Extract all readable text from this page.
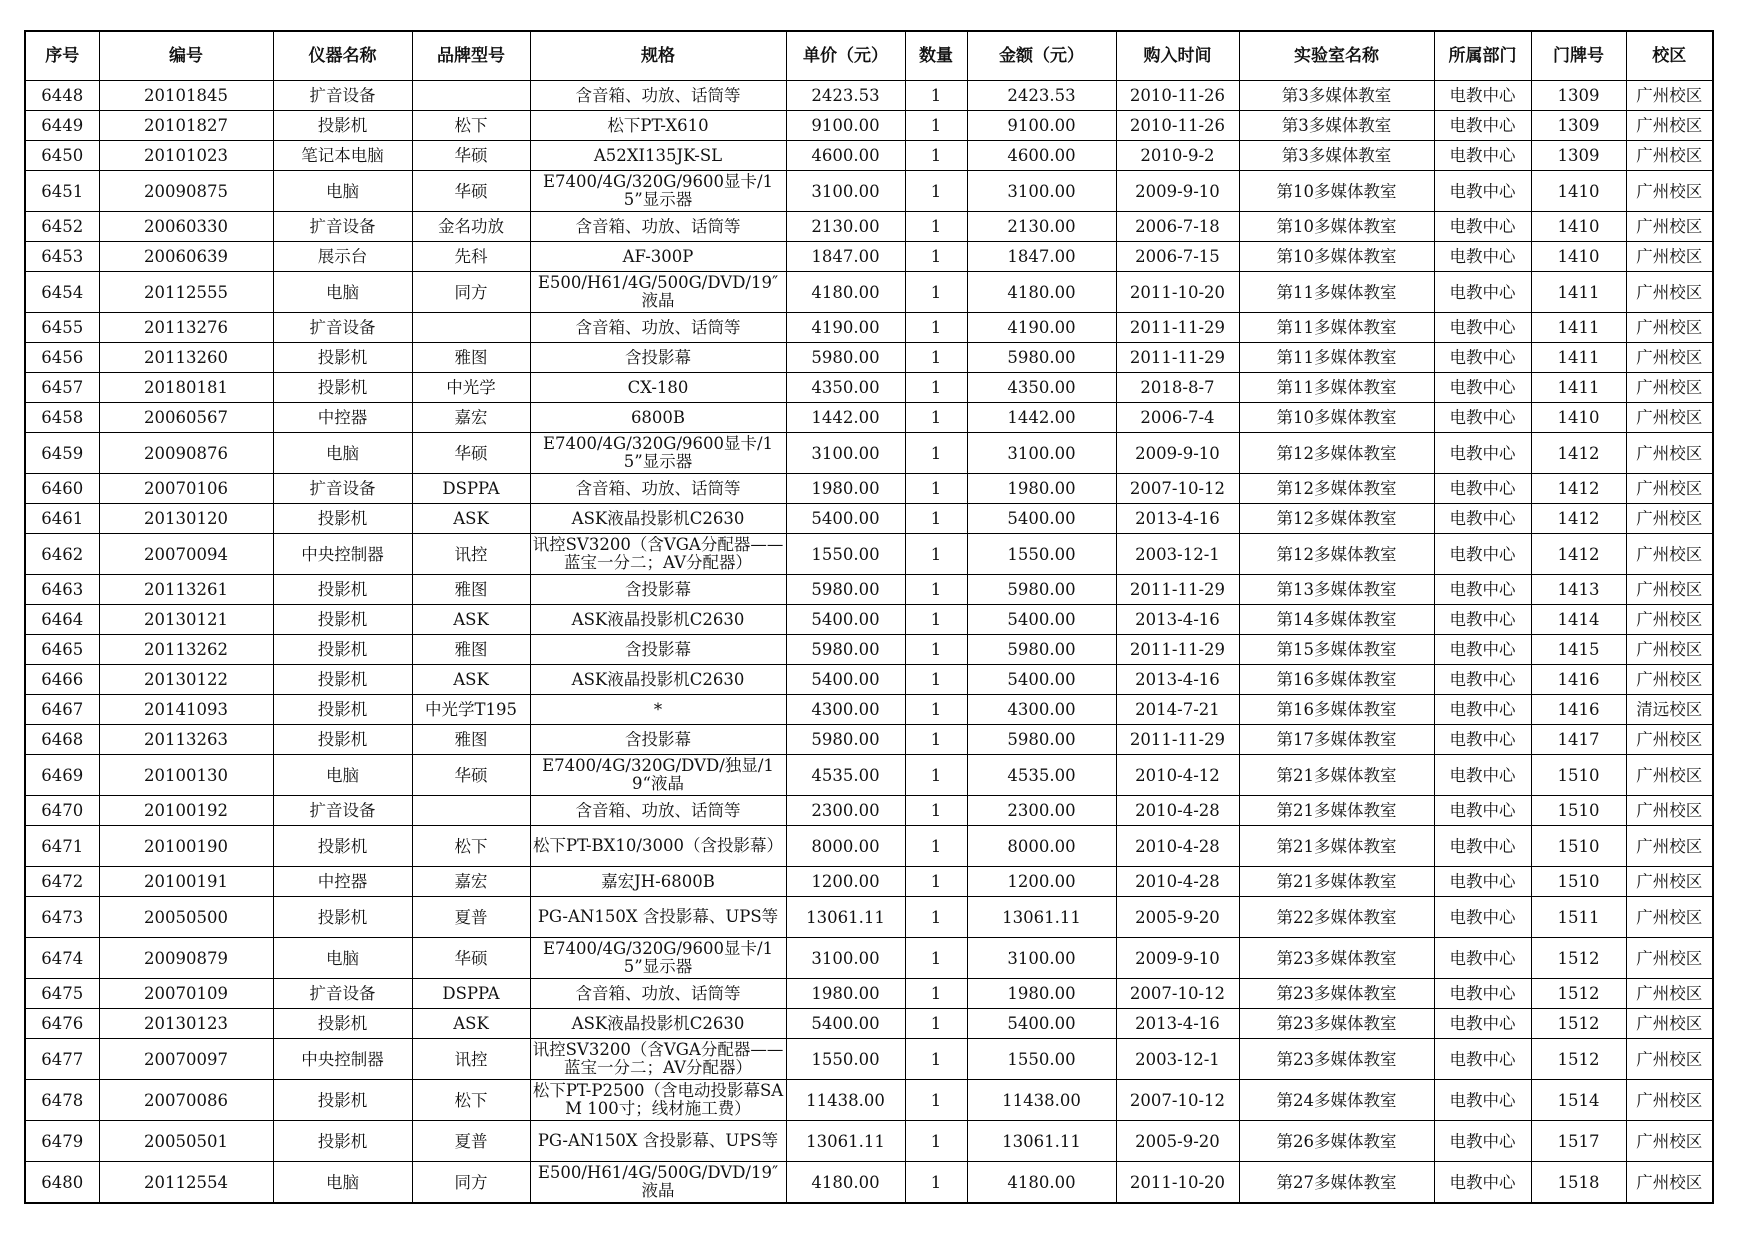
序号	编号	仪器名称	品牌型号	规格	单价（元）	数量	金额（元）	购入时间	实验室名称	所属部门	门牌号	校区
6448	20101845	扩音设备		含音箱、功放、话筒等	2423.53	1	2423.53	2010-11-26	第3多媒体教室	电教中心	1309	广州校区
6449	20101827	投影机	松下	松下PT-X610	9100.00	1	9100.00	2010-11-26	第3多媒体教室	电教中心	1309	广州校区
6450	20101023	笔记本电脑	华硕	A52XI135JK-SL	4600.00	1	4600.00	2010-9-2	第3多媒体教室	电教中心	1309	广州校区
6451	20090875	电脑	华硕	E7400/4G/320G/9600显卡/15”显示器	3100.00	1	3100.00	2009-9-10	第10多媒体教室	电教中心	1410	广州校区
6452	20060330	扩音设备	金名功放	含音箱、功放、话筒等	2130.00	1	2130.00	2006-7-18	第10多媒体教室	电教中心	1410	广州校区
6453	20060639	展示台	先科	AF-300P	1847.00	1	1847.00	2006-7-15	第10多媒体教室	电教中心	1410	广州校区
6454	20112555	电脑	同方	E500/H61/4G/500G/DVD/19″液晶	4180.00	1	4180.00	2011-10-20	第11多媒体教室	电教中心	1411	广州校区
6455	20113276	扩音设备		含音箱、功放、话筒等	4190.00	1	4190.00	2011-11-29	第11多媒体教室	电教中心	1411	广州校区
6456	20113260	投影机	雅图	含投影幕	5980.00	1	5980.00	2011-11-29	第11多媒体教室	电教中心	1411	广州校区
6457	20180181	投影机	中光学	CX-180	4350.00	1	4350.00	2018-8-7	第11多媒体教室	电教中心	1411	广州校区
6458	20060567	中控器	嘉宏	6800B	1442.00	1	1442.00	2006-7-4	第10多媒体教室	电教中心	1410	广州校区
6459	20090876	电脑	华硕	E7400/4G/320G/9600显卡/15”显示器	3100.00	1	3100.00	2009-9-10	第12多媒体教室	电教中心	1412	广州校区
6460	20070106	扩音设备	DSPPA	含音箱、功放、话筒等	1980.00	1	1980.00	2007-10-12	第12多媒体教室	电教中心	1412	广州校区
6461	20130120	投影机	ASK	ASK液晶投影机C2630	5400.00	1	5400.00	2013-4-16	第12多媒体教室	电教中心	1412	广州校区
6462	20070094	中央控制器	讯控	讯控SV3200（含VGA分配器——蓝宝一分二；AV分配器）	1550.00	1	1550.00	2003-12-1	第12多媒体教室	电教中心	1412	广州校区
6463	20113261	投影机	雅图	含投影幕	5980.00	1	5980.00	2011-11-29	第13多媒体教室	电教中心	1413	广州校区
6464	20130121	投影机	ASK	ASK液晶投影机C2630	5400.00	1	5400.00	2013-4-16	第14多媒体教室	电教中心	1414	广州校区
6465	20113262	投影机	雅图	含投影幕	5980.00	1	5980.00	2011-11-29	第15多媒体教室	电教中心	1415	广州校区
6466	20130122	投影机	ASK	ASK液晶投影机C2630	5400.00	1	5400.00	2013-4-16	第16多媒体教室	电教中心	1416	广州校区
6467	20141093	投影机	中光学T195	*	4300.00	1	4300.00	2014-7-21	第16多媒体教室	电教中心	1416	清远校区
6468	20113263	投影机	雅图	含投影幕	5980.00	1	5980.00	2011-11-29	第17多媒体教室	电教中心	1417	广州校区
6469	20100130	电脑	华硕	E7400/4G/320G/DVD/独显/19“液晶	4535.00	1	4535.00	2010-4-12	第21多媒体教室	电教中心	1510	广州校区
6470	20100192	扩音设备		含音箱、功放、话筒等	2300.00	1	2300.00	2010-4-28	第21多媒体教室	电教中心	1510	广州校区
6471	20100190	投影机	松下	松下PT-BX10/3000（含投影幕）	8000.00	1	8000.00	2010-4-28	第21多媒体教室	电教中心	1510	广州校区
6472	20100191	中控器	嘉宏	嘉宏JH-6800B	1200.00	1	1200.00	2010-4-28	第21多媒体教室	电教中心	1510	广州校区
6473	20050500	投影机	夏普	PG-AN150X 含投影幕、UPS等	13061.11	1	13061.11	2005-9-20	第22多媒体教室	电教中心	1511	广州校区
6474	20090879	电脑	华硕	E7400/4G/320G/9600显卡/15”显示器	3100.00	1	3100.00	2009-9-10	第23多媒体教室	电教中心	1512	广州校区
6475	20070109	扩音设备	DSPPA	含音箱、功放、话筒等	1980.00	1	1980.00	2007-10-12	第23多媒体教室	电教中心	1512	广州校区
6476	20130123	投影机	ASK	ASK液晶投影机C2630	5400.00	1	5400.00	2013-4-16	第23多媒体教室	电教中心	1512	广州校区
6477	20070097	中央控制器	讯控	讯控SV3200（含VGA分配器——蓝宝一分二；AV分配器）	1550.00	1	1550.00	2003-12-1	第23多媒体教室	电教中心	1512	广州校区
6478	20070086	投影机	松下	松下PT-P2500（含电动投影幕SAM 100寸；线材施工费）	11438.00	1	11438.00	2007-10-12	第24多媒体教室	电教中心	1514	广州校区
6479	20050501	投影机	夏普	PG-AN150X 含投影幕、UPS等	13061.11	1	13061.11	2005-9-20	第26多媒体教室	电教中心	1517	广州校区
6480	20112554	电脑	同方	E500/H61/4G/500G/DVD/19″液晶	4180.00	1	4180.00	2011-10-20	第27多媒体教室	电教中心	1518	广州校区
